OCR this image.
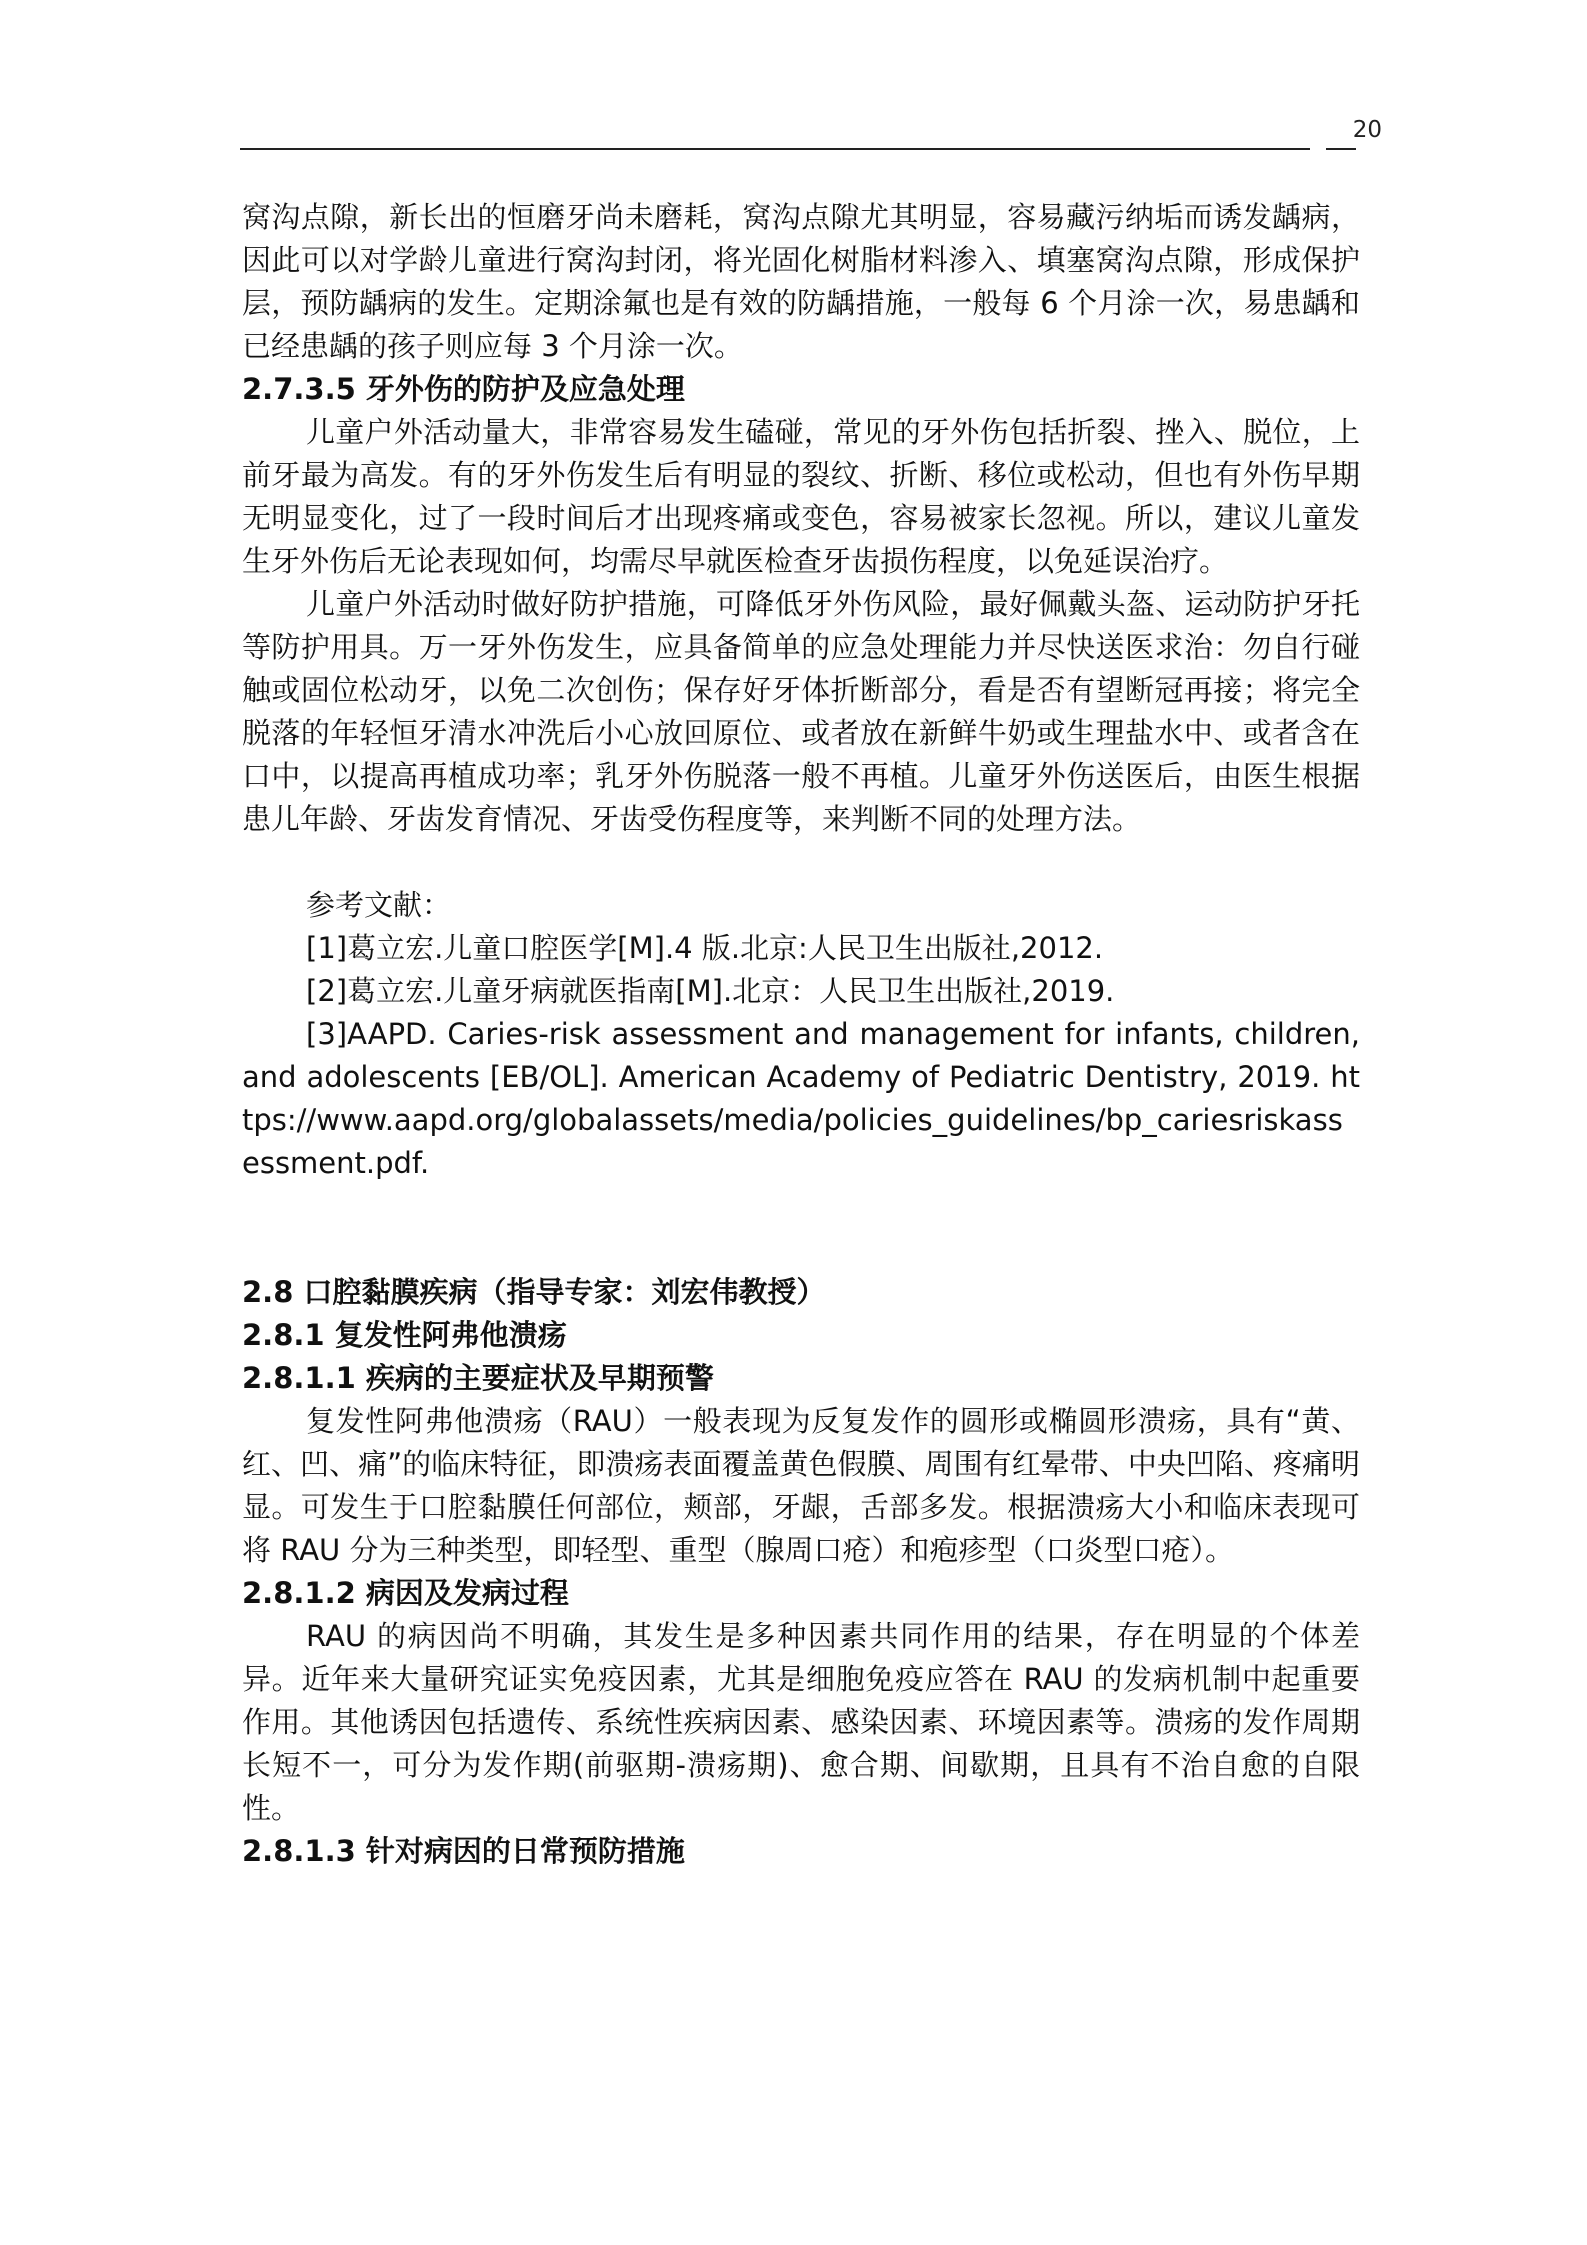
20

窝沟点隙，新长出的恒磨牙尚未磨耗，窝沟点隙尤其明显，容易藏污纳垢而诱发龋病，因此可以对学龄儿童进行窝沟封闭，将光固化树脂材料渗入、填塞窝沟点隙，形成保护层，预防龋病的发生。定期涂氟也是有效的防龋措施，一般每 6 个月涂一次，易患龋和已经患龋的孩子则应每 3 个月涂一次。

2.7.3.5 牙外伤的防护及应急处理

儿童户外活动量大，非常容易发生磕碰，常见的牙外伤包括折裂、挫入、脱位，上前牙最为高发。有的牙外伤发生后有明显的裂纹、折断、移位或松动，但也有外伤早期无明显变化，过了一段时间后才出现疼痛或变色，容易被家长忽视。所以，建议儿童发生牙外伤后无论表现如何，均需尽早就医检查牙齿损伤程度，以免延误治疗。

儿童户外活动时做好防护措施，可降低牙外伤风险，最好佩戴头盔、运动防护牙托等防护用具。万一牙外伤发生，应具备简单的应急处理能力并尽快送医求治：勿自行碰触或固位松动牙，以免二次创伤；保存好牙体折断部分，看是否有望断冠再接；将完全脱落的年轻恒牙清水冲洗后小心放回原位、或者放在新鲜牛奶或生理盐水中、或者含在口中，以提高再植成功率；乳牙外伤脱落一般不再植。儿童牙外伤送医后，由医生根据患儿年龄、牙齿发育情况、牙齿受伤程度等，来判断不同的处理方法。

参考文献：

[1]葛立宏.儿童口腔医学[M].4 版.北京:人民卫生出版社,2012.

[2]葛立宏.儿童牙病就医指南[M].北京：人民卫生出版社,2019.

[3]AAPD. Caries-risk assessment and management for infants, children, and adolescents [EB/OL]. American Academy of Pediatric Dentistry, 2019. https://www.aapd.org/globalassets/media/policies_guidelines/bp_cariesriskassessment.pdf.

2.8 口腔黏膜疾病（指导专家：刘宏伟教授）

2.8.1 复发性阿弗他溃疡

2.8.1.1 疾病的主要症状及早期预警

复发性阿弗他溃疡（RAU）一般表现为反复发作的圆形或椭圆形溃疡，具有“黄、红、凹、痛”的临床特征，即溃疡表面覆盖黄色假膜、周围有红晕带、中央凹陷、疼痛明显。可发生于口腔黏膜任何部位，颊部，牙龈，舌部多发。根据溃疡大小和临床表现可将 RAU 分为三种类型，即轻型、重型（腺周口疮）和疱疹型（口炎型口疮）。

2.8.1.2 病因及发病过程

RAU 的病因尚不明确，其发生是多种因素共同作用的结果，存在明显的个体差异。近年来大量研究证实免疫因素，尤其是细胞免疫应答在 RAU 的发病机制中起重要作用。其他诱因包括遗传、系统性疾病因素、感染因素、环境因素等。溃疡的发作周期长短不一，可分为发作期(前驱期-溃疡期)、愈合期、间歇期，且具有不治自愈的自限性。

2.8.1.3 针对病因的日常预防措施
